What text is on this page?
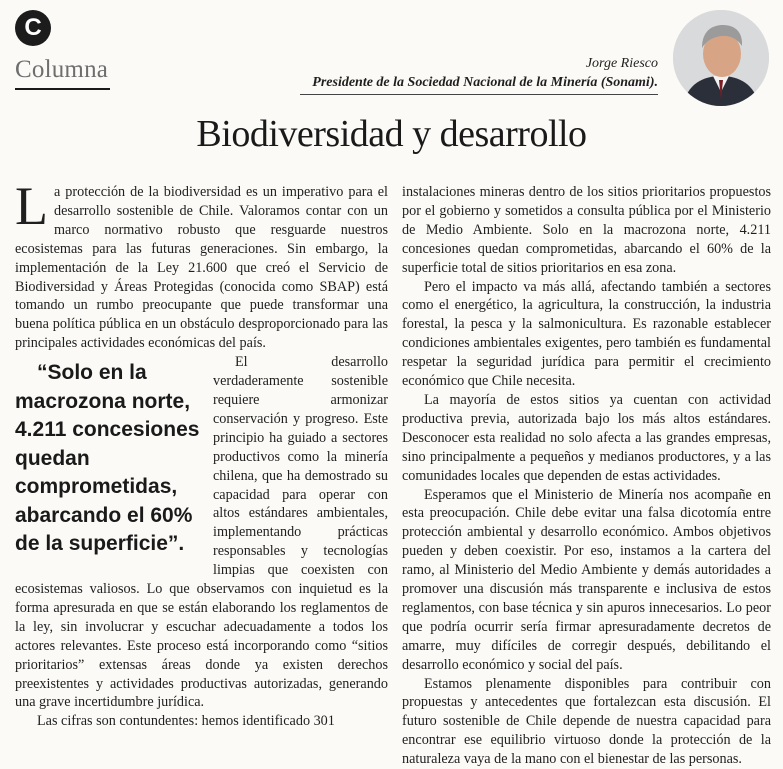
C
Columna	Jorge Riesco
Presidente de la Sociedad Nacional de la Minería (Sonami).
Biodiversidad y desarrollo

La protección de la biodiversidad es un imperativo para el desarrollo sostenible de Chile. Valoramos contar con un marco normativo robusto que resguarde nuestros ecosistemas para las futuras generaciones. Sin embargo, la implementación de la Ley 21.600 que creó el Servicio de Biodiversidad y Áreas Protegidas (conocida como SBAP) está tomando un rumbo preocupante que puede transformar una buena política pública en un obstáculo desproporcionado para las principales actividades económicas del país.

“Solo en la macrozona norte, 4.211 concesiones quedan comprometidas, abarcando el 60% de la superficie”.
El desarrollo verdaderamente sostenible requiere armonizar conservación y progreso. Este principio ha guiado a sectores productivos como la minería chilena, que ha demostrado su capacidad para operar con altos estándares ambientales, implementando prácticas responsables y tecnologías limpias que coexisten con ecosistemas valiosos. Lo que observamos con inquietud es la forma apresurada en que se están elaborando los reglamentos de la ley, sin involucrar y escuchar adecuadamente a todos los actores relevantes. Este proceso está incorporando como “sitios prioritarios” extensas áreas donde ya existen derechos preexistentes y actividades productivas autorizadas, generando una grave incertidumbre jurídica.

Las cifras son contundentes: hemos identificado 301

instalaciones mineras dentro de los sitios prioritarios propuestos por el gobierno y sometidos a consulta pública por el Ministerio de Medio Ambiente. Solo en la macrozona norte, 4.211 concesiones quedan comprometidas, abarcando el 60% de la superficie total de sitios prioritarios en esa zona.

Pero el impacto va más allá, afectando también a sectores como el energético, la agricultura, la construcción, la industria forestal, la pesca y la salmonicultura. Es razonable establecer condiciones ambientales exigentes, pero también es fundamental respetar la seguridad jurídica para permitir el crecimiento económico que Chile necesita.

La mayoría de estos sitios ya cuentan con actividad productiva previa, autorizada bajo los más altos estándares. Desconocer esta realidad no solo afecta a las grandes empresas, sino principalmente a pequeños y medianos productores, y a las comunidades locales que dependen de estas actividades.

Esperamos que el Ministerio de Minería nos acompañe en esta preocupación. Chile debe evitar una falsa dicotomía entre protección ambiental y desarrollo económico. Ambos objetivos pueden y deben coexistir. Por eso, instamos a la cartera del ramo, al Ministerio del Medio Ambiente y demás autoridades a promover una discusión más transparente e inclusiva de estos reglamentos, con base técnica y sin apuros innecesarios. Lo peor que podría ocurrir sería firmar apresuradamente decretos de amarre, muy difíciles de corregir después, debilitando el desarrollo económico y social del país.

Estamos plenamente disponibles para contribuir con propuestas y antecedentes que fortalezcan esta discusión. El futuro sostenible de Chile depende de nuestra capacidad para encontrar ese equilibrio virtuoso donde la protección de la naturaleza vaya de la mano con el bienestar de las personas.
